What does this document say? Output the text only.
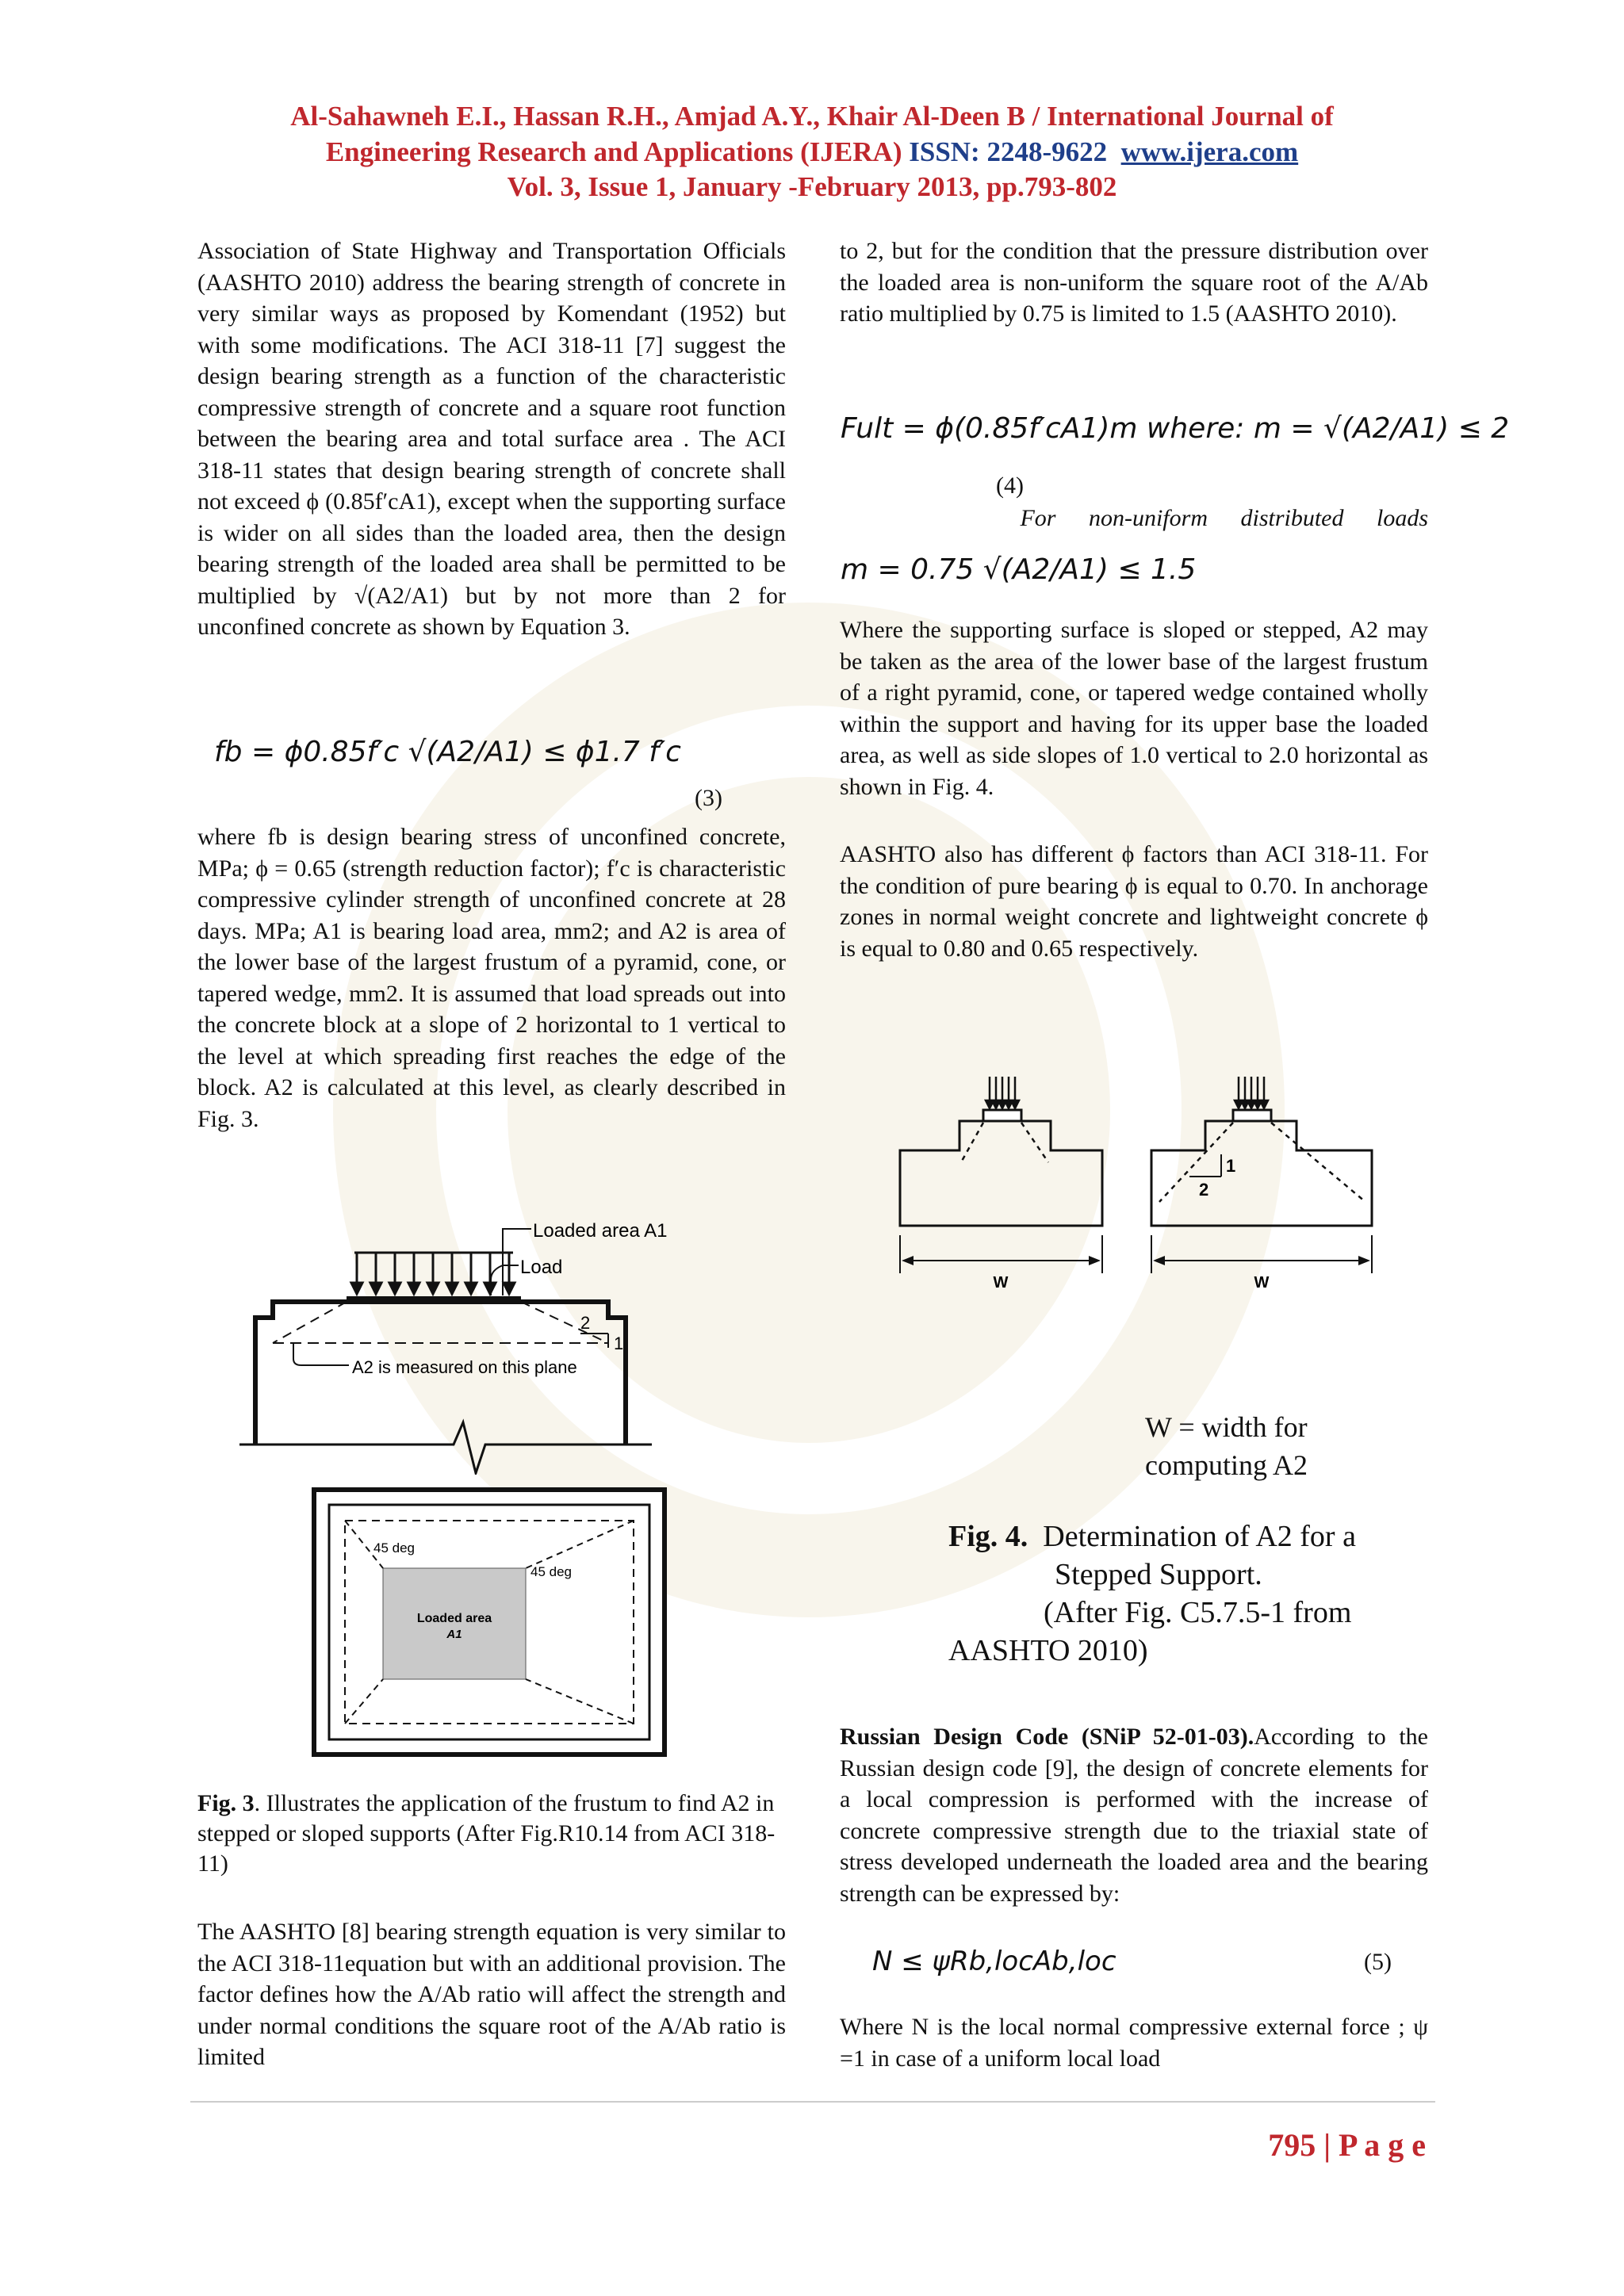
Al-Sahawneh E.I., Hassan R.H., Amjad A.Y., Khair Al-Deen B / International Journal of
Engineering Research and Applications (IJERA) ISSN: 2248-9622 www.ijera.com
Vol. 3, Issue 1, January -February 2013, pp.793-802
Association of State Highway and Transportation Officials (AASHTO 2010) address the bearing strength of concrete in very similar ways as proposed by Komendant (1952) but with some modifications. The ACI 318-11 [7] suggest the design bearing strength as a function of the characteristic compressive strength of concrete and a square root function between the bearing area and total surface area . The ACI 318-11 states that design bearing strength of concrete shall not exceed ϕ (0.85f′cA1), except when the supporting surface is wider on all sides than the loaded area, then the design bearing strength of the loaded area shall be permitted to be multiplied by √(A2/A1) but by not more than 2 for unconfined concrete as shown by Equation 3.
fb = ϕ0.85f′c √(A2/A1) ≤ ϕ1.7 f′c
(3)
where fb is design bearing stress of unconfined concrete, MPa; ϕ = 0.65 (strength reduction factor); f′c is characteristic compressive cylinder strength of unconfined concrete at 28 days. MPa; A1 is bearing load area, mm2; and A2 is area of the lower base of the largest frustum of a pyramid, cone, or tapered wedge, mm2. It is assumed that load spreads out into the concrete block at a slope of 2 horizontal to 1 vertical to the level at which spreading first reaches the edge of the block. A2 is calculated at this level, as clearly described in Fig. 3.
Loaded area A1
Load
2
1
A2 is measured on this plane
45 deg
45 deg
Loaded area
A1
Fig. 3. Illustrates the application of the frustum to find A2 in stepped or sloped supports (After Fig.R10.14 from ACI 318-11)
The AASHTO [8] bearing strength equation is very similar to the ACI 318-11equation but with an additional provision. The factor defines how the A/Ab ratio will affect the strength and under normal conditions the square root of the A/Ab ratio is limited
to 2, but for the condition that the pressure distribution over the loaded area is non-uniform the square root of the A/Ab ratio multiplied by 0.75 is limited to 1.5 (AASHTO 2010).
Fult = ϕ(0.85f′cA1)m where: m = √(A2/A1) ≤ 2
(4)
For non-uniform distributed loads
m = 0.75 √(A2/A1) ≤ 1.5
Where the supporting surface is sloped or stepped, A2 may be taken as the area of the lower base of the largest frustum of a right pyramid, cone, or tapered wedge contained wholly within the support and having for its upper base the loaded area, as well as side slopes of 1.0 vertical to 2.0 horizontal as shown in Fig. 4.
AASHTO also has different ϕ factors than ACI 318-11. For the condition of pure bearing ϕ is equal to 0.70. In anchorage zones in normal weight concrete and lightweight concrete ϕ is equal to 0.80 and 0.65 respectively.
1
2
W	W
W = width for
computing A2
Fig. 4. Determination of A2 for a
Stepped Support.
(After Fig. C5.7.5-1 from
AASHTO 2010)
Russian Design Code (SNiP 52-01-03).According to the Russian design code [9], the design of concrete elements for a local compression is performed with the increase of concrete compressive strength due to the triaxial state of stress developed underneath the loaded area and the bearing strength can be expressed by:
N ≤ ψRb,locAb,loc	(5)
Where N is the local normal compressive external force ; ψ =1 in case of a uniform local load
795 | P a g e
